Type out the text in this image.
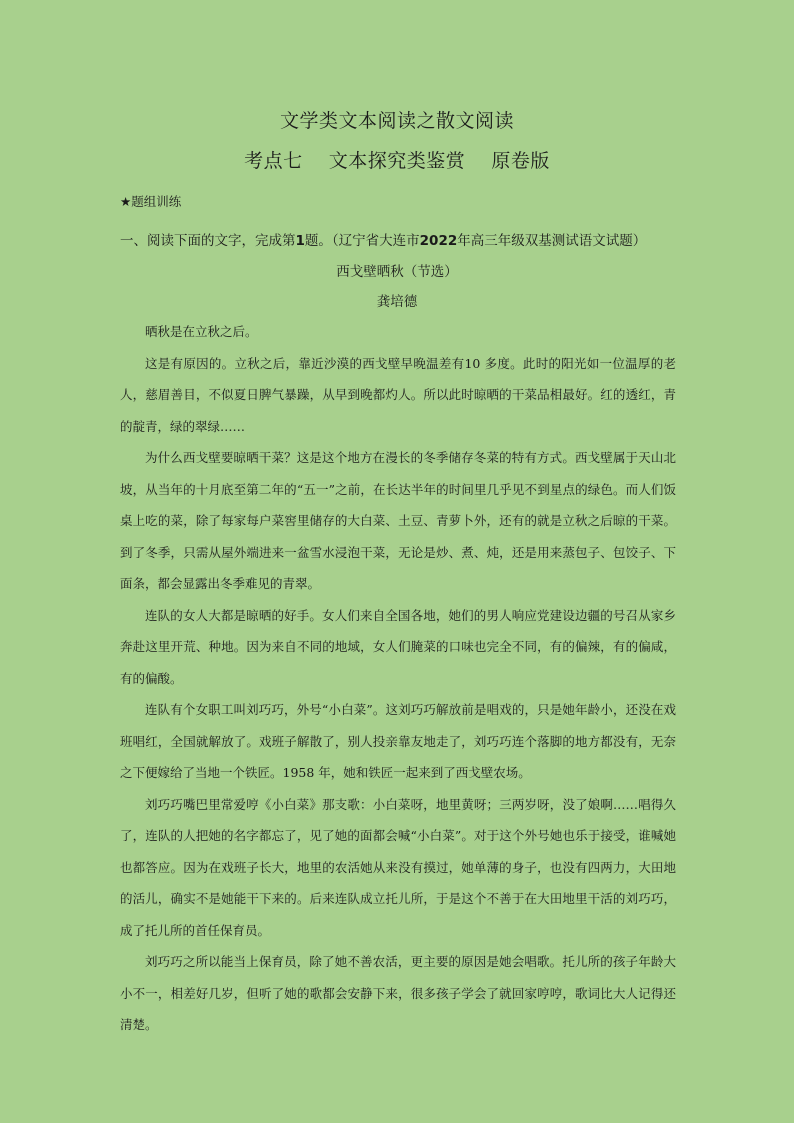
文学类文本阅读之散文阅读
考点七    文本探究类鉴赏    原卷版
★题组训练
一、阅读下面的文字，完成第1题。（辽宁省大连市2022年高三年级双基测试语文试题）
西戈壁晒秋（节选）
龚培德

晒秋是在立秋之后。

这是有原因的。立秋之后，靠近沙漠的西戈壁早晚温差有10 多度。此时的阳光如一位温厚的老人，慈眉善目，不似夏日脾气暴躁，从早到晚都灼人。所以此时晾晒的干菜品相最好。红的透红，青的靛青，绿的翠绿……

为什么西戈壁要晾晒干菜？这是这个地方在漫长的冬季储存冬菜的特有方式。西戈壁属于天山北坡，从当年的十月底至第二年的“五一”之前，在长达半年的时间里几乎见不到星点的绿色。而人们饭桌上吃的菜，除了每家每户菜窖里储存的大白菜、土豆、青萝卜外，还有的就是立秋之后晾的干菜。到了冬季，只需从屋外端进来一盆雪水浸泡干菜，无论是炒、煮、炖，还是用来蒸包子、包饺子、下面条，都会显露出冬季难见的青翠。

连队的女人大都是晾晒的好手。女人们来自全国各地，她们的男人响应党建设边疆的号召从家乡奔赴这里开荒、种地。因为来自不同的地域，女人们腌菜的口味也完全不同，有的偏辣，有的偏咸，有的偏酸。

连队有个女职工叫刘巧巧，外号“小白菜”。这刘巧巧解放前是唱戏的，只是她年龄小，还没在戏班唱红，全国就解放了。戏班子解散了，别人投亲靠友地走了，刘巧巧连个落脚的地方都没有，无奈之下便嫁给了当地一个铁匠。1958 年，她和铁匠一起来到了西戈壁农场。

刘巧巧嘴巴里常爱哼《小白菜》那支歌：小白菜呀，地里黄呀；三两岁呀，没了娘啊……唱得久了，连队的人把她的名字都忘了，见了她的面都会喊“小白菜”。对于这个外号她也乐于接受，谁喊她也都答应。因为在戏班子长大，地里的农活她从来没有摸过，她单薄的身子，也没有四两力，大田地的活儿，确实不是她能干下来的。后来连队成立托儿所，于是这个不善于在大田地里干活的刘巧巧，成了托儿所的首任保育员。

刘巧巧之所以能当上保育员，除了她不善农活，更主要的原因是她会唱歌。托儿所的孩子年龄大小不一，相差好几岁，但听了她的歌都会安静下来，很多孩子学会了就回家哼哼，歌词比大人记得还清楚。
